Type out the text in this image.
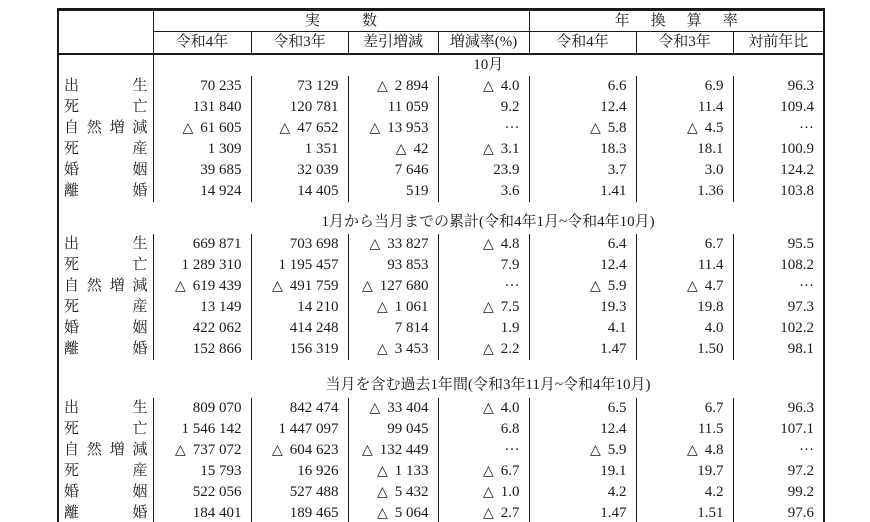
	実数				年換算率		
	令和4年	令和3年	差引増減	増減率(%)	令和4年	令和3年	対前年比
	10月						

出 生	70 235	73 129	△ 2 894	△ 4.0	6.6	6.9	96.3

死 亡	131 840	120 781	11 059	9.2	12.4	11.4	109.4

自 然 増 減	△ 61 605	△ 47 652	△ 13 953	···	△ 5.8	△ 4.5	···

死 産	1 309	1 351	△ 42	△ 3.1	18.3	18.1	100.9

婚 姻	39 685	32 039	7 646	23.9	3.7	3.0	124.2

離 婚	14 924	14 405	519	3.6	1.41	1.36	103.8
	1月から当月までの累計(令和4年1月~令和4年10月)						

出 生	669 871	703 698	△ 33 827	△ 4.8	6.4	6.7	95.5

死 亡	1 289 310	1 195 457	93 853	7.9	12.4	11.4	108.2

自 然 増 減	△ 619 439	△ 491 759	△ 127 680	···	△ 5.9	△ 4.7	···

死 産	13 149	14 210	△ 1 061	△ 7.5	19.3	19.8	97.3

婚 姻	422 062	414 248	7 814	1.9	4.1	4.0	102.2

離 婚	152 866	156 319	△ 3 453	△ 2.2	1.47	1.50	98.1
	当月を含む過去1年間(令和3年11月~令和4年10月)						

出 生	809 070	842 474	△ 33 404	△ 4.0	6.5	6.7	96.3

死 亡	1 546 142	1 447 097	99 045	6.8	12.4	11.5	107.1

自 然 増 減	△ 737 072	△ 604 623	△ 132 449	···	△ 5.9	△ 4.8	···

死 産	15 793	16 926	△ 1 133	△ 6.7	19.1	19.7	97.2

婚 姻	522 056	527 488	△ 5 432	△ 1.0	4.2	4.2	99.2

離 婚	184 401	189 465	△ 5 064	△ 2.7	1.47	1.51	97.6
